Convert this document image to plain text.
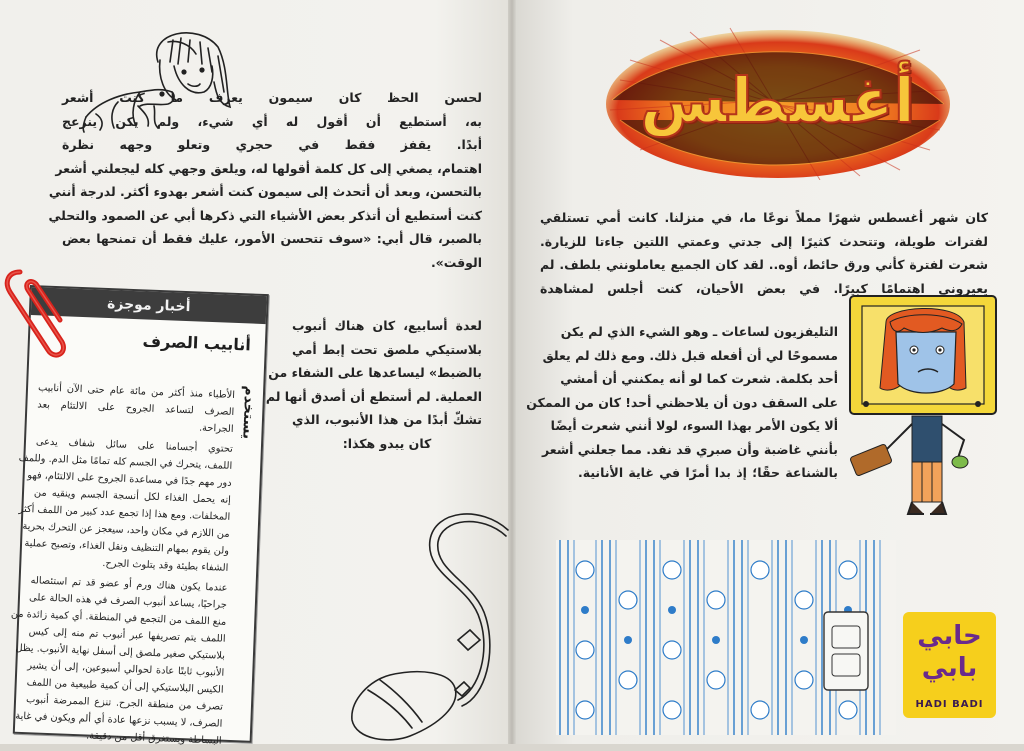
لحسن الحظ كان سيمون يعرف ما كنت أشعر
به، أستطيع أن أقول له أي شيء، ولم يكن ينزعج
أبدًا. يقفز فقط في حجري وتعلو وجهه نظرة
اهتمام، يصغي إلى كل كلمة أقولها له، ويلعق وجهي كله ليجعلني أشعر
بالتحسن، وبعد أن أتحدث إلى سيمون كنت أشعر بهدوء أكثر. لدرجة أنني
كنت أستطيع أن أتذكر بعض الأشياء التي ذكرها أبي عن الصمود والتحلي
بالصبر، قال أبي: «سوف تتحسن الأمور، عليك فقط أن تمنحها بعض
الوقت».
لعدة أسابيع، كان هناك أنبوب
بلاستيكي ملصق تحت إبط أمي
بالضبط» ليساعدها على الشفاء من
العملية. لم أستطع أن أصدق أنها لم
تشكّ أبدًا من هذا الأنبوب، الذي
كان يبدو هكذا:
أخبار موجزة
أنابيب الصرف
يستخدم

الأطباء منذ أكثر من مائة عام حتى الآن أنابيب
الصرف لتساعد الجروح على الالتئام بعد
الجراحة.

تحتوي أجسامنا على سائل شفاف يدعى
اللمف، يتحرك في الجسم كله تمامًا مثل الدم. وللمف
دور مهم جدًا في مساعدة الجروح على الالتئام، فهو
إنه يحمل الغذاء لكل أنسجة الجسم وينقيه من
المخلفات. ومع هذا إذا تجمع عدد كبير من اللمف أكثر
من اللازم في مكان واحد، سيعجز عن التحرك بحرية
ولن يقوم بمهام التنظيف ونقل الغذاء، وتصبح عملية
الشفاء بطيئة وقد يتلوث الجرح.

عندما يكون هناك ورم أو عضو قد تم استئصاله
جراحيًا، يساعد أنبوب الصرف في هذه الحالة على
منع اللمف من التجمع في المنطقة. أي كمية زائدة من
اللمف يتم تصريفها عبر أنبوب تم منه إلى كيس
بلاستيكي صغير ملصق إلى أسفل نهاية الأنبوب. يظل
الأنبوب ثابتًا عادة لحوالي أسبوعين، إلى أن يشير
الكيس البلاستيكي إلى أن كمية طبيعية من اللمف
تصرف من منطقة الجرح. تنزع الممرضة أنبوب
الصرف، لا يسبب نزعها عادة أي ألم ويكون في غاية
البساطة ويستغرق أقل من دقيقة.

أغسطس
كان شهر أغسطس شهرًا مملاً نوعًا ما، في منزلنا. كانت أمي تستلقي
لفترات طويلة، وتتحدث كثيرًا إلى جدتي وعمتي اللتين جاءتا للزيارة.
شعرت لفترة كأني ورق حائط، أوه.. لقد كان الجميع يعاملونني بلطف. لم
يعيروني اهتمامًا كبيرًا. في بعض الأحيان، كنت أجلس لمشاهدة
التليفزيون لساعات ـ وهو الشيء الذي لم يكن
مسموحًا لي أن أفعله قبل ذلك. ومع ذلك لم يعلق
أحد بكلمة. شعرت كما لو أنه يمكنني أن أمشي
على السقف دون أن يلاحظني أحد! كان من الممكن
ألا يكون الأمر بهذا السوء، لولا أنني شعرت أيضًا
بأنني غاضبة وأن صبري قد نفد. مما جعلني أشعر
بالشناعة حقًا؛ إذ بدا أمرًا في غاية الأنانية.
حابي
بابي
HADI BADI
